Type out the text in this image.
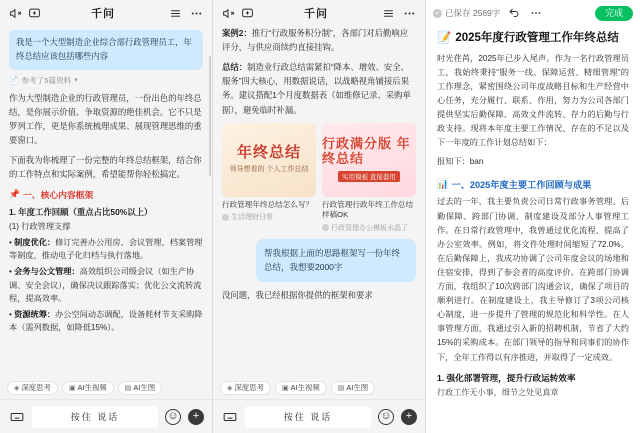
千问
我是一个大型制造企业综合部行政管理员工，年终总结应该包括哪些内容
📄 参考了5篇资料 ▾
作为大型制造企业的行政管理员，一份出色的年终总结，是你展示价值、争取资源的绝佳机会。它不只是罗列工作，更是你系统梳理成果、展现管理思维的重要窗口。
下面我为你梳理了一份完整的年终总结框架，结合你的工作特点和实际案例，希望能帮你轻松搞定。
📌 一、核心内容框架
1. 年度工作回顾（重点占比50%以上）
(1) 行政管理支撑
• 制度优化：修订完善办公用房、会议管理、档案管理等制度，推动电子化归档与执行落地。
• 会务与公文管理：高效组织公司级会议（如生产协调、安全会议），确保决议跟踪落实；优化公文流转流程，提高效率。
• 资源统筹：办公空间动态调配，设备耗材节支采购降本（需列数据，如降低15%）。
◈ 深度思考	▣ AI生视频	▤ AI生图
按住 说话	☺	+
千问
案例2：推行“行政服务积分制”，各部门对后勤响应评分，与供应商续约直接挂钩。
总结：制造业行政总结需紧扣“降本、增效、安全、服务”四大核心，用数据说话，以战略视角铺接后果务。建议搭配1个月度数据表（如维修记录、采购单据），避免临时补漏。
年终总结
领导想看的 个人工作总结
行政管理年终总结怎么写？
生活理财日常
行政满分版 年终总结
实用模板 直接套用
行政管理行政年终工作总结样稿OK
行政管理办公模板水晶了
帮我根据上面的思路框架写一份年终总结，我想要2000字
没问题，我已经根据你提供的框架和要求
◈ 深度思考	▣ AI生视频	▤ AI生图
按住 说话	☺	+
✓ 已保存 2569字	完成
📝 2025年度行政管理工作年终总结
时光荏苒，2025年已步入尾声。作为一名行政管理员工，我始终秉持“服务一线、保障运营、精细管理”的工作理念，紧密围绕公司年度战略目标和生产经营中心任务，充分履行、联系、作用，努力为公司各部门提供坚实后勤保障、高效文件流转、存力的后勤与行政支持。现将本年度主要工作情况、存在的不足以及下一年度的工作计划总结如下：
报知下：ban
📊 一、2025年度主要工作回顾与成果
过去的一年，我主要负责公司日常行政事务管理、后勤保障、跨部门协调、制度建设及部分人事管理工作。在日常行政管理中，我曾通过优化流程、提高了办公室效率。例如，将文件处理时间缩短了72.0%。在后勤保障上，我成功协调了公司年度会议的场地和住宿安排，得到了参会者的高度评价。在跨部门协调方面，我组织了10次跨部门沟通会议，确保了项目的顺利进行。在制度建设上，我主导修订了3项公司核心制度，进一步提升了管理的规范化和科学性。在人事管理方面，我通过引入新的招聘机制，节省了大约15%的采购成本。在部门领导的指导和同事们的协作下，全年工作得以有序推进，并取得了一定成效。
1. 强化部署管理，提升行政运转效率
行政工作无小事，细节之处见真章
